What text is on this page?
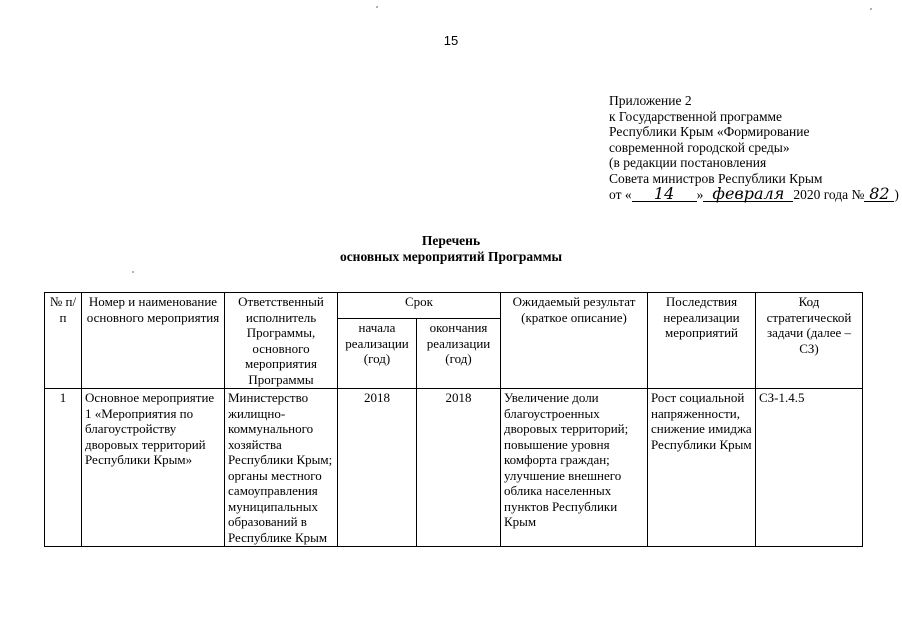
15
Приложение 2
к Государственной программе
Республики Крым «Формирование
современной городской среды»
(в редакции постановления
Совета министров Республики Крым
от « 14 » февраля 2020 года № 82 )
Перечень
основных мероприятий Программы
№ п/п	Номер и наименование основного мероприятия	Ответственный исполнитель Программы, основного мероприятия Программы	Срок		Ожидаемый результат (краткое описание)	Последствия нереализации мероприятий	Код стратегической задачи (далее – СЗ)
			начала реализации (год)	окончания реализации (год)			
1	Основное мероприятие 1 «Мероприятия по благоустройству дворовых территорий Республики Крым»	Министерство жилищно-коммунального хозяйства Республики Крым; органы местного самоуправления муниципальных образований в Республике Крым	2018	2018	Увеличение доли благоустроенных дворовых территорий; повышение уровня комфорта граждан; улучшение внешнего облика населенных пунктов Республики Крым	Рост социальной напряженности, снижение имиджа Республики Крым	СЗ-1.4.5
